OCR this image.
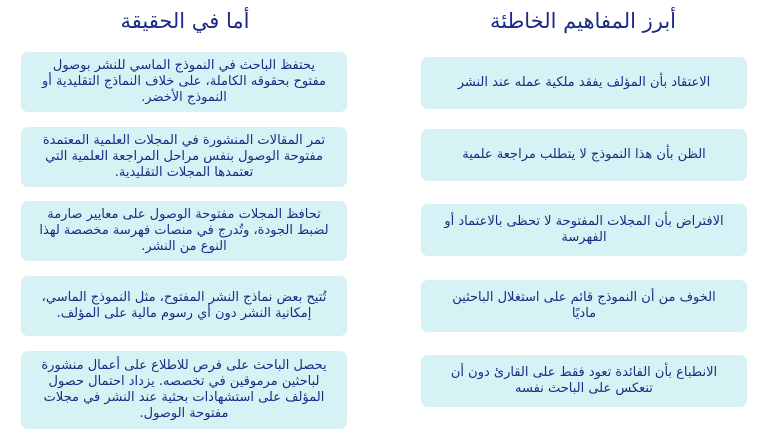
أبرز المفاهيم الخاطئة
أما في الحقيقة
الاعتقاد بأن المؤلف يفقد ملكية عمله عند النشر
الظن بأن هذا النموذج لا يتطلب مراجعة علمية
الافتراض بأن المجلات المفتوحة لا تحظى بالاعتماد أو الفهرسة
الخوف من أن النموذج قائم على استغلال الباحثين ماديًا
الانطباع بأن الفائدة تعود فقط على القارئ دون أن تنعكس على الباحث نفسه
يحتفظ الباحث في النموذج الماسي للنشر بوصول مفتوح بحقوقه الكاملة، على خلاف النماذج التقليدية أو النموذج الأخضر.
تمر المقالات المنشورة في المجلات العلمية المعتمدة مفتوحة الوصول بنفس مراحل المراجعة العلمية التي تعتمدها المجلات التقليدية.
تحافظ المجلات مفتوحة الوصول على معايير صارمة لضبط الجودة، وتُدرج في منصات فهرسة مخصصة لهذا النوع من النشر.
تُتيح بعض نماذج النشر المفتوح، مثل النموذج الماسي، إمكانية النشر دون أي رسوم مالية على المؤلف.
يحصل الباحث على فرص للاطلاع على أعمال منشورة لباحثين مرموقين في تخصصه. يزداد احتمال حصول المؤلف على استشهادات بحثية عند النشر في مجلات مفتوحة الوصول.
